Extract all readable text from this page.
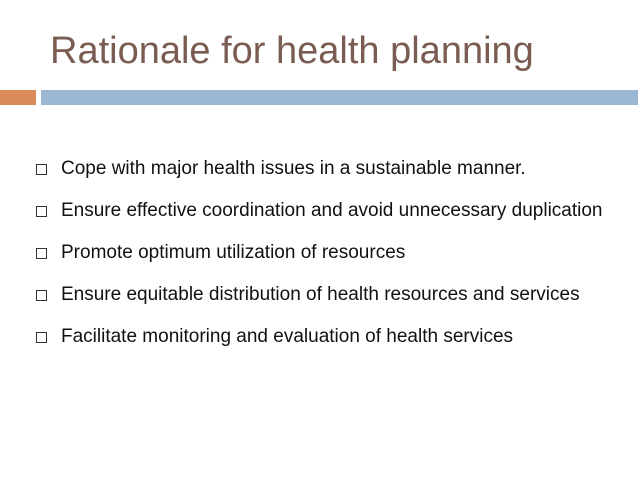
Rationale for health planning
Cope with major health issues in a sustainable manner.
Ensure effective coordination and avoid unnecessary duplication
Promote optimum utilization of resources
Ensure equitable distribution of health resources and services
Facilitate monitoring and evaluation of health services
